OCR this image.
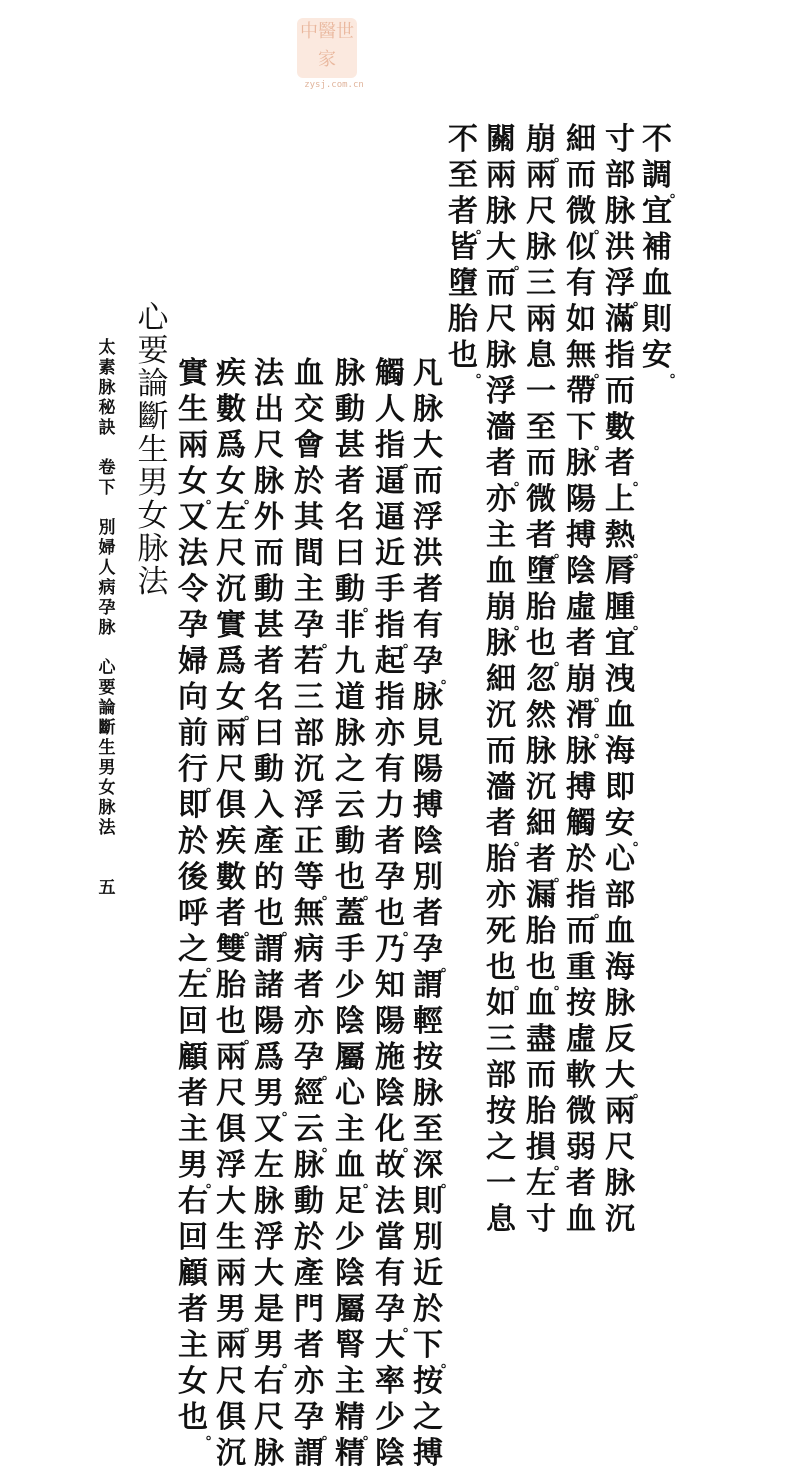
中醫世家
zysj.com.cn
不
調
。
宜
補
血
則
安
。
寸
部
脉
洪
浮
。
滿
指
而
數
者
。
上
熱
。
脣
腫
。
宜
洩
血
海
即
安
。
心
部
血
海
脉
反
大
。
兩
尺
脉
沉
細
而
微
。
似
有
如
無
。
帶
下
。
脉
陽
搏
陰
虛
者
崩
。
滑
。
脉
搏
觸
於
指
。
而
重
按
虛
軟
微
弱
者
血
崩
。
兩
尺
脉
三
兩
息
一
至
而
微
者
。
墮
胎
也
。
忽
然
脉
沉
細
者
。
漏
胎
也
。
血
盡
而
胎
損
。
左
寸
關
兩
脉
大
。
而
尺
脉
浮
濇
者
。
亦
主
血
崩
。
脉
細
沉
而
濇
者
。
胎
亦
死
也
。
如
三
部
按
之
一
息
不
至
者
。
皆
墮
胎
也
。
凡
脉
大
而
浮
洪
者
有
孕
。
脉
見
陽
搏
陰
別
者
孕
。
謂
輕
按
脉
至
深
。
則
別
近
於
下
。
按
之
搏
觸
人
指
。
逼
逼
近
手
指
。
起
指
亦
有
力
者
孕
也
。
乃
知
陽
施
陰
化
。
故
法
當
有
孕
。
大
率
少
陰
脉
動
甚
者
名
曰
動
。
非
九
道
脉
之
云
動
也
。
蓋
手
少
陰
屬
心
主
血
。
足
少
陰
屬
腎
主
精
。
精
血
交
會
於
其
間
主
孕
。
若
三
部
沉
浮
正
等
。
無
病
者
亦
孕
。
經
云
。
脉
動
於
產
門
者
亦
孕
。
謂
法
出
尺
脉
外
而
動
甚
者
名
曰
動
入
產
的
也
。
謂
諸
陽
爲
男
。
又
左
脉
浮
大
是
男
。
右
尺
脉
疾
數
爲
女
。
左
尺
沉
實
爲
女
。
兩
尺
俱
疾
數
者
。
雙
胎
也
。
兩
尺
俱
浮
大
生
兩
男
。
兩
尺
俱
沉
實
生
兩
女
。
又
法
令
孕
婦
向
前
行
。
即
於
後
呼
之
。
左
回
顧
者
主
男
。
右
回
顧
者
主
女
也
。
心
要
論
斷
生
男
女
脉
法
太
素
脉
秘
訣
卷
下
別
婦
人
病
孕
脉
心
要
論
斷
生
男
女
脉
法
五
